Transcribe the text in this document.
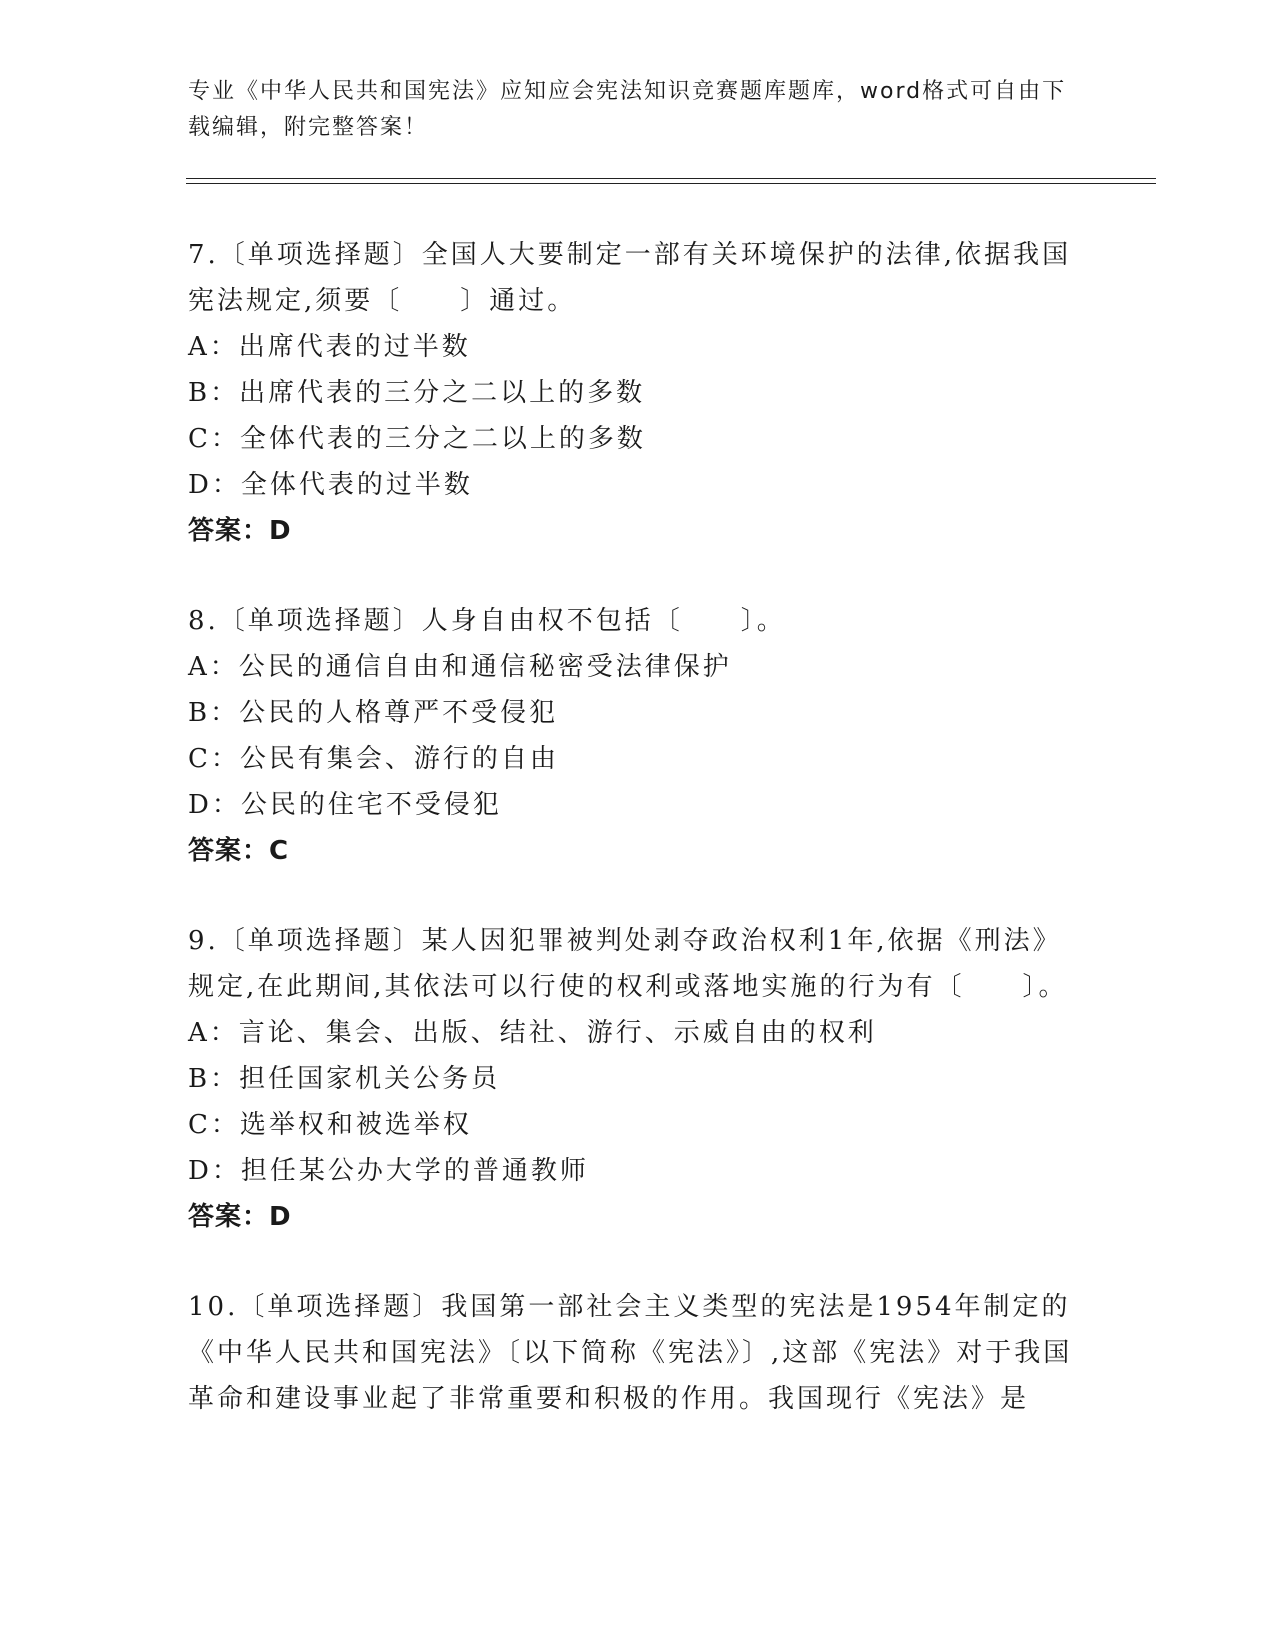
专业《中华人民共和国宪法》应知应会宪法知识竞赛题库题库，word格式可自由下载编辑，附完整答案！
7.〔单项选择题〕全国人大要制定一部有关环境保护的法律,依据我国宪法规定,须要〔　　〕通过。
A：出席代表的过半数
B：出席代表的三分之二以上的多数
C：全体代表的三分之二以上的多数
D：全体代表的过半数
答案：D
8.〔单项选择题〕人身自由权不包括〔　　〕。
A：公民的通信自由和通信秘密受法律保护
B：公民的人格尊严不受侵犯
C：公民有集会、游行的自由
D：公民的住宅不受侵犯
答案：C
9.〔单项选择题〕某人因犯罪被判处剥夺政治权利1年,依据《刑法》规定,在此期间,其依法可以行使的权利或落地实施的行为有〔　　〕。
A：言论、集会、出版、结社、游行、示威自由的权利
B：担任国家机关公务员
C：选举权和被选举权
D：担任某公办大学的普通教师
答案：D
10.〔单项选择题〕我国第一部社会主义类型的宪法是1954年制定的《中华人民共和国宪法》〔以下简称《宪法》〕,这部《宪法》对于我国革命和建设事业起了非常重要和积极的作用。我国现行《宪法》是
